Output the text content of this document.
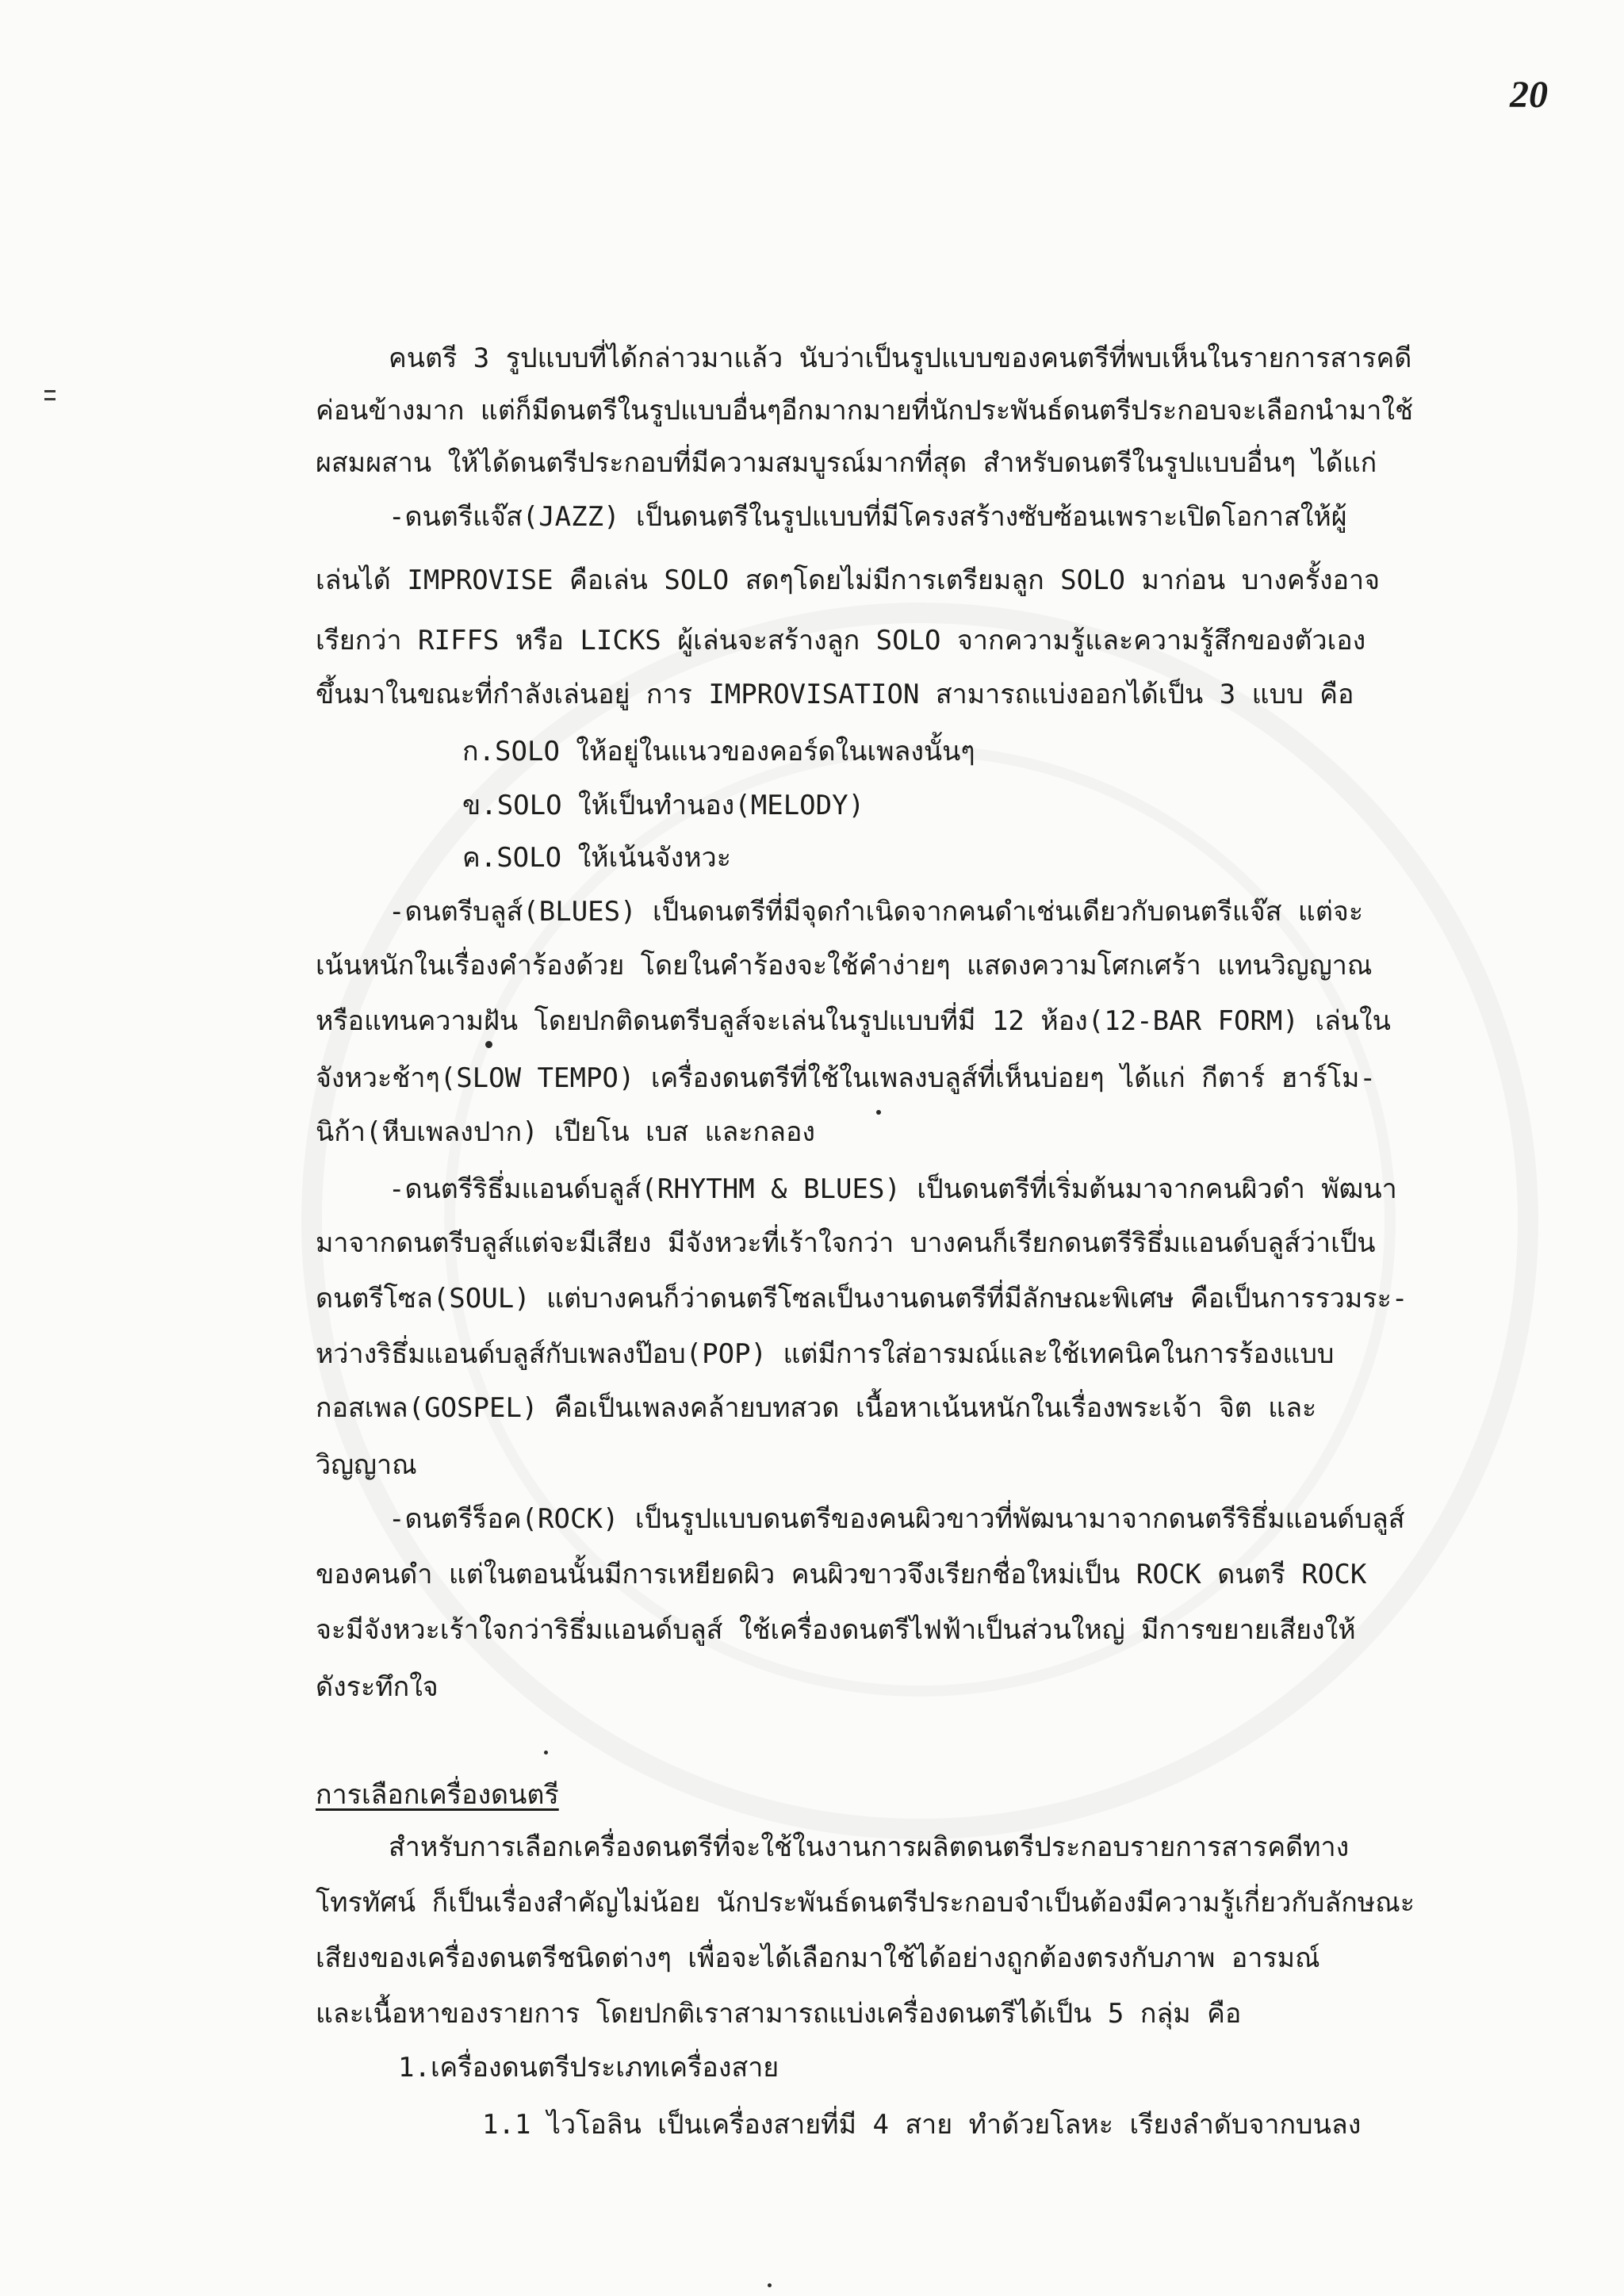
20

คนตรี 3 รูปแบบที่ได้กล่าวมาแล้ว นับว่าเป็นรูปแบบของคนตรีที่พบเห็นในรายการสารคดี

ค่อนข้างมาก แต่ก็มีดนตรีในรูปแบบอื่นๆอีกมากมายที่นักประพันธ์ดนตรีประกอบจะเลือกนำมาใช้

ผสมผสาน ให้ได้ดนตรีประกอบที่มีความสมบูรณ์มากที่สุด สำหรับดนตรีในรูปแบบอื่นๆ ได้แก่

-ดนตรีแจ๊ส(JAZZ) เป็นดนตรีในรูปแบบที่มีโครงสร้างซับซ้อนเพราะเปิดโอกาสให้ผู้

เล่นได้ IMPROVISE คือเล่น SOLO สดๆโดยไม่มีการเตรียมลูก SOLO มาก่อน บางครั้งอาจ

เรียกว่า RIFFS หรือ LICKS ผู้เล่นจะสร้างลูก SOLO จากความรู้และความรู้สึกของตัวเอง

ขึ้นมาในขณะที่กำลังเล่นอยู่ การ IMPROVISATION สามารถแบ่งออกได้เป็น 3 แบบ คือ

ก.SOLO ให้อยู่ในแนวของคอร์ดในเพลงนั้นๆ

ข.SOLO ให้เป็นทำนอง(MELODY)

ค.SOLO ให้เน้นจังหวะ

-ดนตรีบลูส์(BLUES) เป็นดนตรีที่มีจุดกำเนิดจากคนดำเช่นเดียวกับดนตรีแจ๊ส แต่จะ

เน้นหนักในเรื่องคำร้องด้วย โดยในคำร้องจะใช้คำง่ายๆ แสดงความโศกเศร้า แทนวิญญาณ

หรือแทนความฝัน โดยปกติดนตรีบลูส์จะเล่นในรูปแบบที่มี 12 ห้อง(12-BAR FORM) เล่นใน

จังหวะช้าๆ(SLOW TEMPO) เครื่องดนตรีที่ใช้ในเพลงบลูส์ที่เห็นบ่อยๆ ได้แก่ กีตาร์ ฮาร์โม-

นิก้า(หีบเพลงปาก) เปียโน เบส และกลอง

-ดนตรีริธึ่มแอนด์บลูส์(RHYTHM & BLUES) เป็นดนตรีที่เริ่มต้นมาจากคนผิวดำ พัฒนา

มาจากดนตรีบลูส์แต่จะมีเสียง มีจังหวะที่เร้าใจกว่า บางคนก็เรียกดนตรีริธึ่มแอนด์บลูส์ว่าเป็น

ดนตรีโซล(SOUL) แต่บางคนก็ว่าดนตรีโซลเป็นงานดนตรีที่มีลักษณะพิเศษ คือเป็นการรวมระ-

หว่างริธึ่มแอนด์บลูส์กับเพลงป๊อบ(POP) แต่มีการใส่อารมณ์และใช้เทคนิคในการร้องแบบ

กอสเพล(GOSPEL) คือเป็นเพลงคล้ายบทสวด เนื้อหาเน้นหนักในเรื่องพระเจ้า จิต และ

วิญญาณ

-ดนตรีร็อค(ROCK) เป็นรูปแบบดนตรีของคนผิวขาวที่พัฒนามาจากดนตรีริธึ่มแอนด์บลูส์

ของคนดำ แต่ในตอนนั้นมีการเหยียดผิว คนผิวขาวจึงเรียกชื่อใหม่เป็น ROCK ดนตรี ROCK

จะมีจังหวะเร้าใจกว่าริธึ่มแอนด์บลูส์ ใช้เครื่องดนตรีไฟฟ้าเป็นส่วนใหญ่ มีการขยายเสียงให้

ดังระทึกใจ

การเลือกเครื่องดนตรี

สำหรับการเลือกเครื่องดนตรีที่จะใช้ในงานการผลิตดนตรีประกอบรายการสารคดีทาง

โทรทัศน์ ก็เป็นเรื่องสำคัญไม่น้อย นักประพันธ์ดนตรีประกอบจำเป็นต้องมีความรู้เกี่ยวกับลักษณะ

เสียงของเครื่องดนตรีชนิดต่างๆ เพื่อจะได้เลือกมาใช้ได้อย่างถูกต้องตรงกับภาพ อารมณ์

และเนื้อหาของรายการ โดยปกติเราสามารถแบ่งเครื่องดนตรีได้เป็น 5 กลุ่ม คือ

1.เครื่องดนตรีประเภทเครื่องสาย

1.1 ไวโอลิน เป็นเครื่องสายที่มี 4 สาย ทำด้วยโลหะ เรียงลำดับจากบนลง
